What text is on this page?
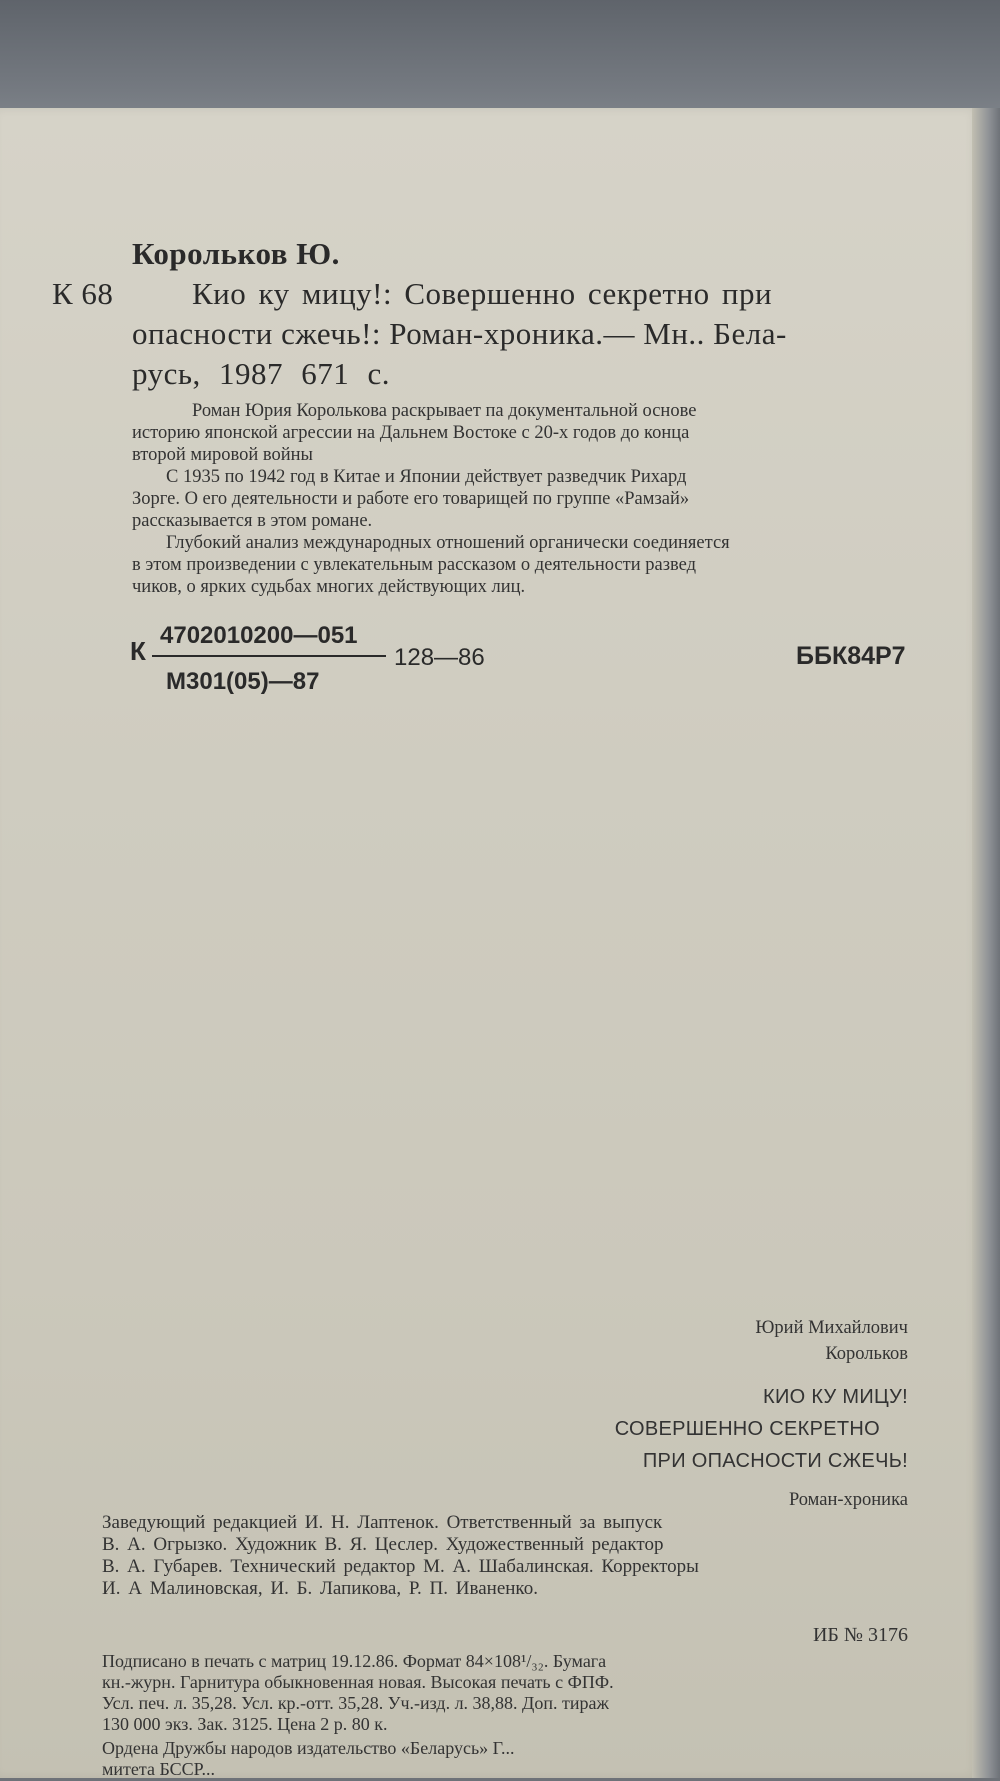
Корольков Ю.
К 68	Кио ку мицу!: Совершенно секретно при
опасности сжечь!: Роман-хроника.— Мн.. Бела-
русь, 1987 671 с.
Роман Юрия Королькова раскрывает па документальной основе
историю японской агрессии на Дальнем Востоке с 20-х годов до конца
второй мировой войны
С 1935 по 1942 год в Китае и Японии действует разведчик Рихард
Зорге. О его деятельности и работе его товарищей по группе «Рамзай»
рассказывается в этом романе.
Глубокий анализ международных отношений органически соединяется
в этом произведении с увлекательным рассказом о деятельности развед
чиков, о ярких судьбах многих действующих лиц.
К
4702010200—051
М301(05)—87
128—86	ББК84Р7
Юрий Михайлович
Корольков
КИО КУ МИЦУ!
СОВЕРШЕННО СЕКРЕТНО
ПРИ ОПАСНОСТИ СЖЕЧЬ!
Роман-хроника
Заведующий редакцией И. Н. Лаптенок. Ответственный за выпуск
В. А. Огрызко. Художник В. Я. Цеслер. Художественный редактор
В. А. Губарев. Технический редактор М. А. Шабалинская. Корректоры
И. А Малиновская, И. Б. Лапикова, Р. П. Иваненко.
ИБ № 3176
Подписано в печать с матриц 19.12.86. Формат 84×108¹/₃₂. Бумага
кн.-журн. Гарнитура обыкновенная новая. Высокая печать с ФПФ.
Усл. печ. л. 35,28. Усл. кр.-отт. 35,28. Уч.-изд. л. 38,88. Доп. тираж
130 000 экз. Зак. 3125. Цена 2 р. 80 к.
Ордена Дружбы народов издательство «Беларусь» Г...
митета БССР...
